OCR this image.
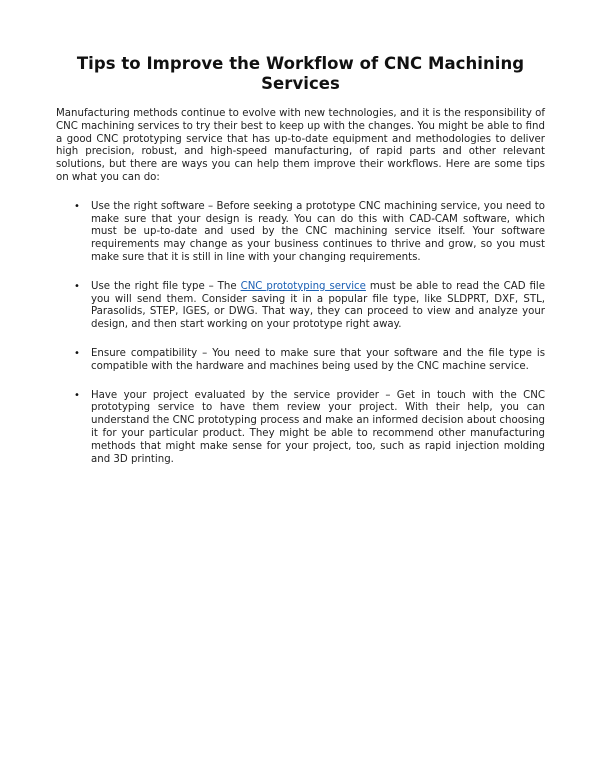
Tips to Improve the Workflow of CNC Machining Services

Manufacturing methods continue to evolve with new technologies, and it is the responsibility of CNC machining services to try their best to keep up with the changes. You might be able to find a good CNC prototyping service that has up-to-date equipment and methodologies to deliver high precision, robust, and high-speed manufacturing, of rapid parts and other relevant solutions, but there are ways you can help them improve their workflows. Here are some tips on what you can do:

• Use the right software – Before seeking a prototype CNC machining service, you need to make sure that your design is ready. You can do this with CAD-CAM software, which must be up-to-date and used by the CNC machining service itself. Your software requirements may change as your business continues to thrive and grow, so you must make sure that it is still in line with your changing requirements.
• Use the right file type – The CNC prototyping service must be able to read the CAD file you will send them. Consider saving it in a popular file type, like SLDPRT, DXF, STL, Parasolids, STEP, IGES, or DWG. That way, they can proceed to view and analyze your design, and then start working on your prototype right away.
• Ensure compatibility – You need to make sure that your software and the file type is compatible with the hardware and machines being used by the CNC machine service.
• Have your project evaluated by the service provider – Get in touch with the CNC prototyping service to have them review your project. With their help, you can understand the CNC prototyping process and make an informed decision about choosing it for your particular product. They might be able to recommend other manufacturing methods that might make sense for your project, too, such as rapid injection molding and 3D printing.
